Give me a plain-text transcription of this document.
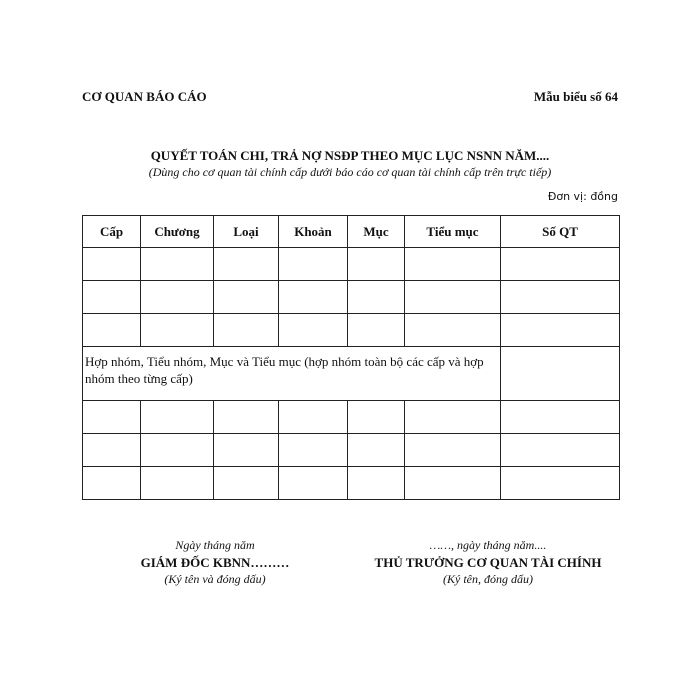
CƠ QUAN BÁO CÁO	Mẫu biểu số 64
QUYẾT TOÁN CHI, TRẢ NỢ NSĐP THEO MỤC LỤC NSNN NĂM....
(Dùng cho cơ quan tài chính cấp dưới báo cáo cơ quan tài chính cấp trên trực tiếp)
Đơn vị: đồng
Cấp	Chương	Loại	Khoản	Mục	Tiểu mục	Số QT

Hợp nhóm, Tiểu nhóm, Mục và Tiểu mục (hợp nhóm toàn bộ các cấp và hợp nhóm theo từng cấp)						

Ngày tháng năm
GIÁM ĐỐC KBNN………
(Ký tên và đóng dấu)
……, ngày tháng năm....
THỦ TRƯỞNG CƠ QUAN TÀI CHÍNH
(Ký tên, đóng dấu)
